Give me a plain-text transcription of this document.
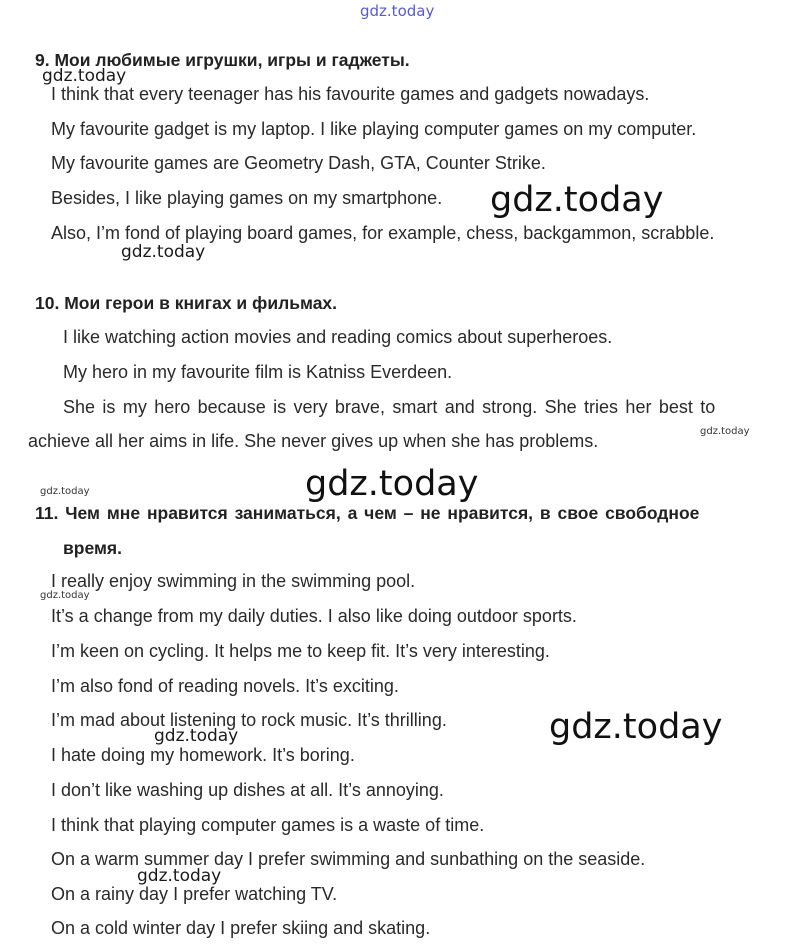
9. Мои любимые игрушки, игры и гаджеты.
I think that every teenager has his favourite games and gadgets nowadays.
My favourite gadget is my laptop. I like playing computer games on my computer.
My favourite games are Geometry Dash, GTA, Counter Strike.
Besides, I like playing games on my smartphone.
Also, I’m fond of playing board games, for example, chess, backgammon, scrabble.
10. Мои герои в книгах и фильмах.
I like watching action movies and reading comics about superheroes.
My hero in my favourite film is Katniss Everdeen.
She is my hero because is very brave, smart and strong. She tries her best to
achieve all her aims in life. She never gives up when she has problems.
11. Чем мне нравится заниматься, а чем – не нравится, в свое свободное
время.
I really enjoy swimming in the swimming pool.
It’s a change from my daily duties. I also like doing outdoor sports.
I’m keen on cycling. It helps me to keep fit. It’s very interesting.
I’m also fond of reading novels. It’s exciting.
I’m mad about listening to rock music. It’s thrilling.
I hate doing my homework. It’s boring.
I don’t like washing up dishes at all. It’s annoying.
I think that playing computer games is a waste of time.
On a warm summer day I prefer swimming and sunbathing on the seaside.
On a rainy day I prefer watching TV.
On a cold winter day I prefer skiing and skating.
gdz.today
gdz.today
gdz.today
gdz.today
gdz.today
gdz.today
gdz.today
gdz.today
gdz.today
gdz.today
gdz.today
